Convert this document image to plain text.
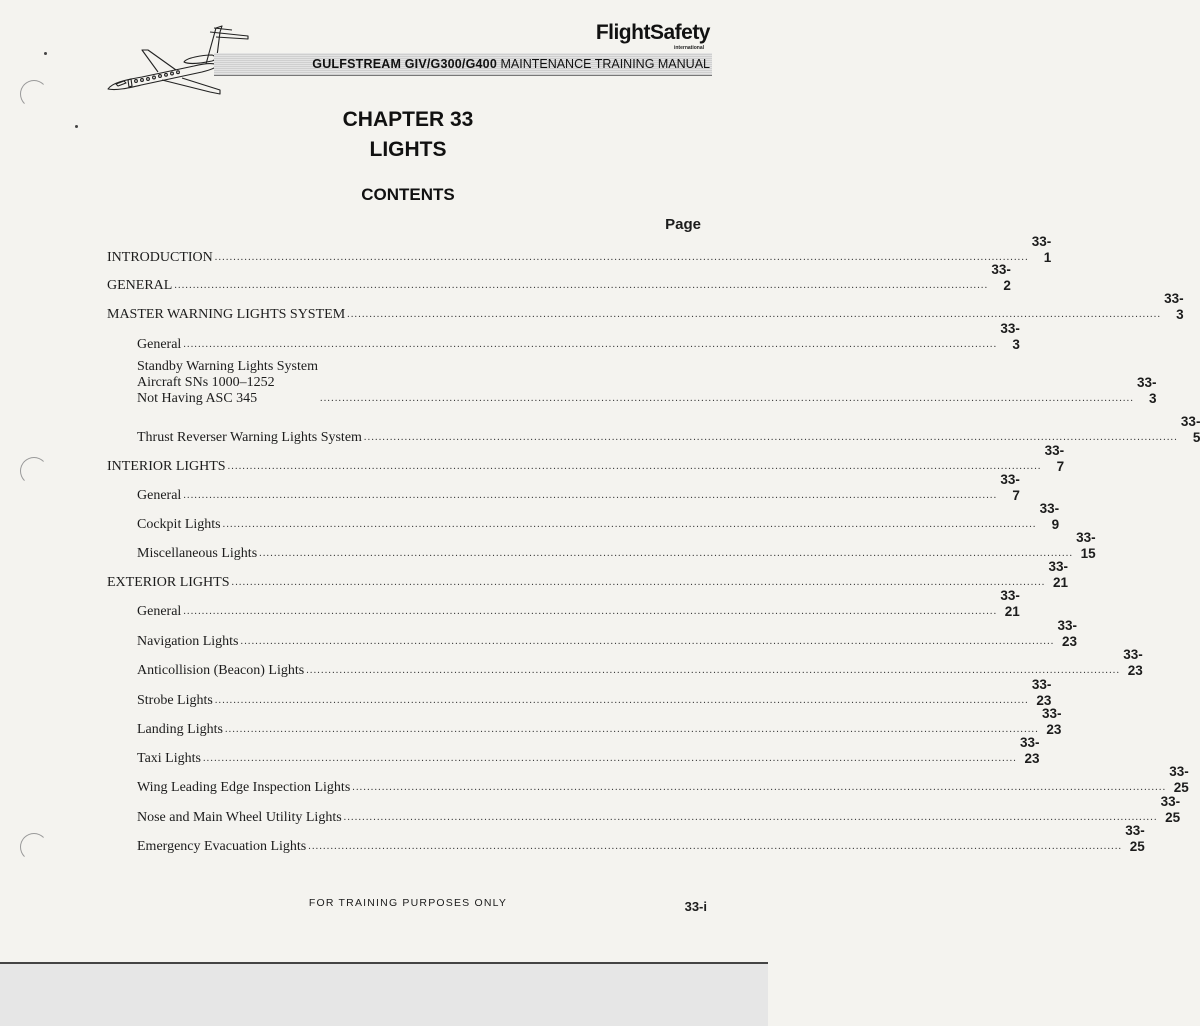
FlightSafety
international
GULFSTREAM GIV/G300/G400 MAINTENANCE TRAINING MANUAL
CHAPTER 33
LIGHTS
CONTENTS
Page
INTRODUCTION ............................................................................................................................................................................................................................
33-1
GENERAL ............................................................................................................................................................................................................................
33-2
MASTER WARNING LIGHTS SYSTEM ............................................................................................................................................................................................................................
33-3
General ............................................................................................................................................................................................................................
33-3
Standby Warning Lights System
Aircraft SNs 1000–1252
Not Having ASC 345	............................................................................................................................................................................................................................
33-3
Thrust Reverser Warning Lights System ............................................................................................................................................................................................................................
33-5
INTERIOR LIGHTS ............................................................................................................................................................................................................................
33-7
General ............................................................................................................................................................................................................................
33-7
Cockpit Lights ............................................................................................................................................................................................................................
33-9
Miscellaneous Lights ............................................................................................................................................................................................................................
33-15
EXTERIOR LIGHTS ............................................................................................................................................................................................................................
33-21
General ............................................................................................................................................................................................................................
33-21
Navigation Lights ............................................................................................................................................................................................................................
33-23
Anticollision (Beacon) Lights ............................................................................................................................................................................................................................
33-23
Strobe Lights ............................................................................................................................................................................................................................
33-23
Landing Lights ............................................................................................................................................................................................................................
33-23
Taxi Lights ............................................................................................................................................................................................................................
33-23
Wing Leading Edge Inspection Lights ............................................................................................................................................................................................................................
33-25
Nose and Main Wheel Utility Lights ............................................................................................................................................................................................................................
33-25
Emergency Evacuation Lights ............................................................................................................................................................................................................................
33-25
FOR TRAINING PURPOSES ONLY	33-i
